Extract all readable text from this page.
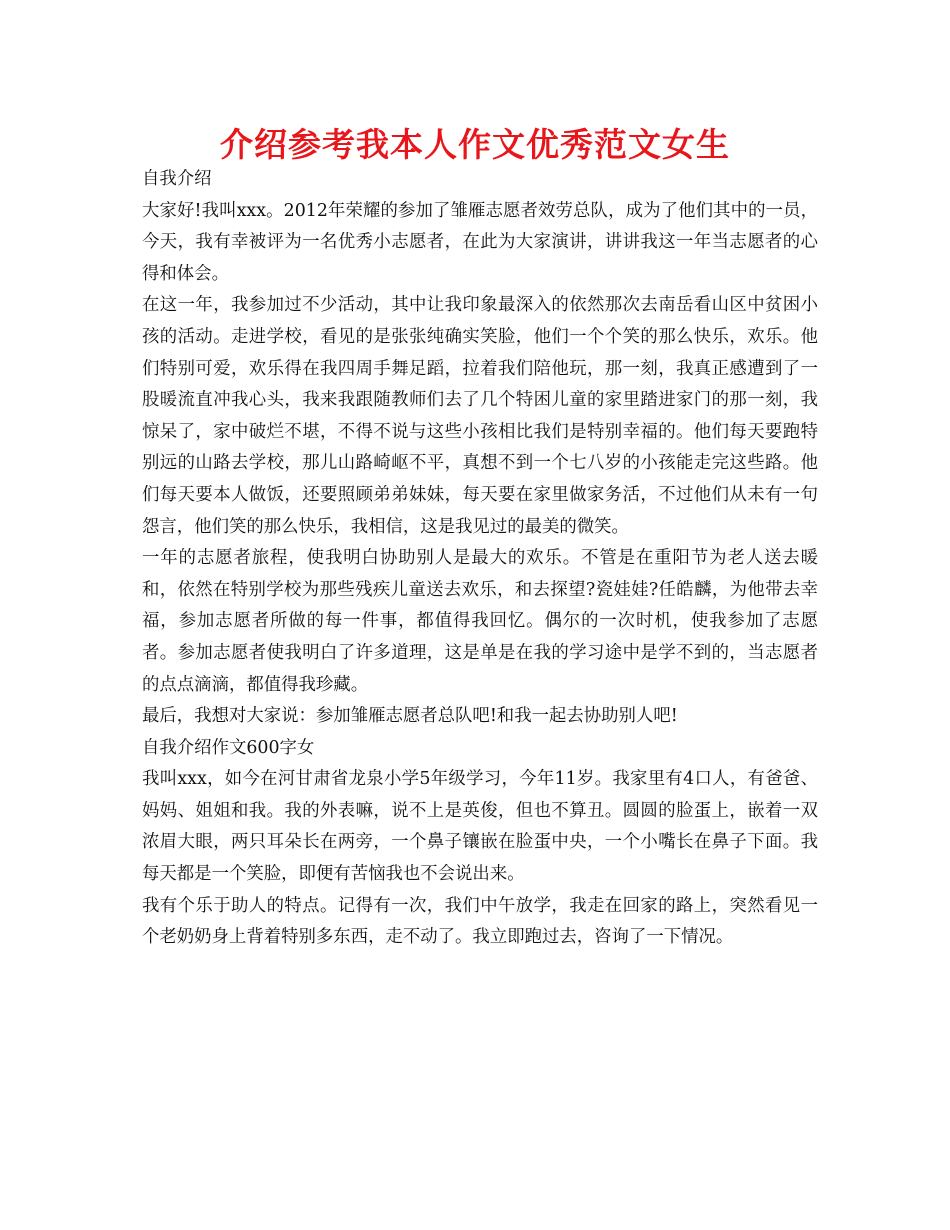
介绍参考我本人作文优秀范文女生

自我介绍

大家好!我叫xxx。2012年荣耀的参加了雏雁志愿者效劳总队，成为了他们其中的一员，今天，我有幸被评为一名优秀小志愿者，在此为大家演讲，讲讲我这一年当志愿者的心得和体会。

在这一年，我参加过不少活动，其中让我印象最深入的依然那次去南岳看山区中贫困小孩的活动。走进学校，看见的是张张纯确实笑脸，他们一个个笑的那么快乐，欢乐。他们特别可爱，欢乐得在我四周手舞足蹈，拉着我们陪他玩，那一刻，我真正感遭到了一股暖流直冲我心头，我来我跟随教师们去了几个特困儿童的家里踏进家门的那一刻，我惊呆了，家中破烂不堪，不得不说与这些小孩相比我们是特别幸福的。他们每天要跑特别远的山路去学校，那儿山路崎岖不平，真想不到一个七八岁的小孩能走完这些路。他们每天要本人做饭，还要照顾弟弟妹妹，每天要在家里做家务活，不过他们从未有一句怨言，他们笑的那么快乐，我相信，这是我见过的最美的微笑。

一年的志愿者旅程，使我明白协助别人是最大的欢乐。不管是在重阳节为老人送去暖和，依然在特别学校为那些残疾儿童送去欢乐，和去探望?瓷娃娃?任皓麟，为他带去幸福，参加志愿者所做的每一件事，都值得我回忆。偶尔的一次时机，使我参加了志愿者。参加志愿者使我明白了许多道理，这是单是在我的学习途中是学不到的，当志愿者的点点滴滴，都值得我珍藏。

最后，我想对大家说：参加雏雁志愿者总队吧!和我一起去协助别人吧!

自我介绍作文600字女

我叫xxx，如今在河甘肃省龙泉小学5年级学习，今年11岁。我家里有4口人，有爸爸、妈妈、姐姐和我。我的外表嘛，说不上是英俊，但也不算丑。圆圆的脸蛋上，嵌着一双浓眉大眼，两只耳朵长在两旁，一个鼻子镶嵌在脸蛋中央，一个小嘴长在鼻子下面。我每天都是一个笑脸，即便有苦恼我也不会说出来。

我有个乐于助人的特点。记得有一次，我们中午放学，我走在回家的路上，突然看见一个老奶奶身上背着特别多东西，走不动了。我立即跑过去，咨询了一下情况。
